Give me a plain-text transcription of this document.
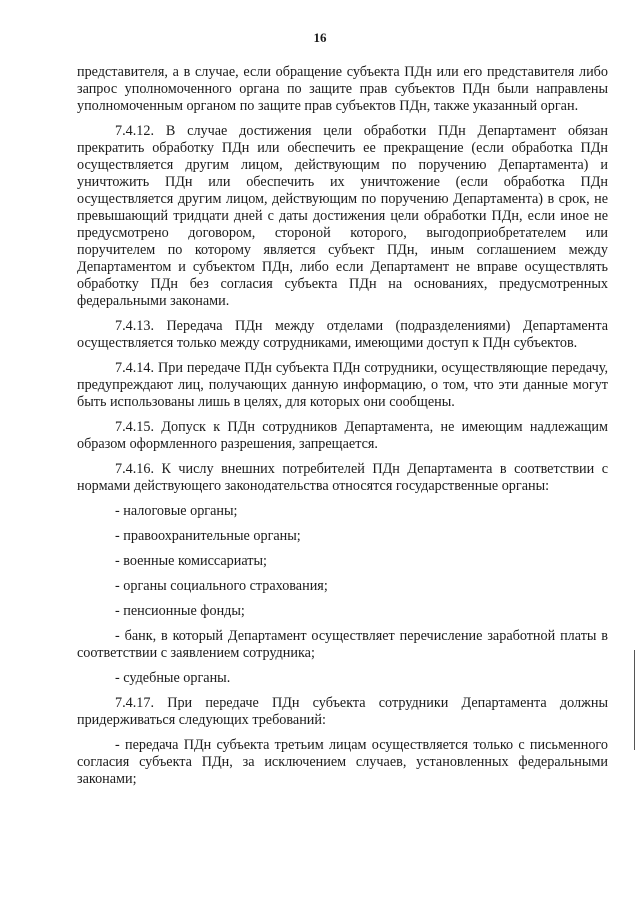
16

представителя, а в случае, если обращение субъекта ПДн или его представителя либо запрос уполномоченного органа по защите прав субъектов ПДн были направлены уполномоченным органом по защите прав субъектов ПДн, также указанный орган.

7.4.12. В случае достижения цели обработки ПДн Департамент обязан прекратить обработку ПДн или обеспечить ее прекращение (если обработка ПДн осуществляется другим лицом, действующим по поручению Департамента) и уничтожить ПДн или обеспечить их уничтожение (если обработка ПДн осуществляется другим лицом, действующим по поручению Департамента) в срок, не превышающий тридцати дней с даты достижения цели обработки ПДн, если иное не предусмотрено договором, стороной которого, выгодоприобретателем или поручителем по которому является субъект ПДн, иным соглашением между Департаментом и субъектом ПДн, либо если Департамент не вправе осуществлять обработку ПДн без согласия субъекта ПДн на основаниях, предусмотренных федеральными законами.

7.4.13. Передача ПДн между отделами (подразделениями) Департамента осуществляется только между сотрудниками, имеющими доступ к ПДн субъектов.

7.4.14. При передаче ПДн субъекта ПДн сотрудники, осуществляющие передачу, предупреждают лиц, получающих данную информацию, о том, что эти данные могут быть использованы лишь в целях, для которых они сообщены.

7.4.15. Допуск к ПДн сотрудников Департамента, не имеющим надлежащим образом оформленного разрешения, запрещается.

7.4.16. К числу внешних потребителей ПДн Департамента в соответствии с нормами действующего законодательства относятся государственные органы:

- налоговые органы;

- правоохранительные органы;

- военные комиссариаты;

- органы социального страхования;

- пенсионные фонды;

- банк, в который Департамент осуществляет перечисление заработной платы в соответствии с заявлением сотрудника;

- судебные органы.

7.4.17. При передаче ПДн субъекта сотрудники Департамента должны придерживаться следующих требований:

- передача ПДн субъекта третьим лицам осуществляется только с письменного согласия субъекта ПДн, за исключением случаев, установленных федеральными законами;
